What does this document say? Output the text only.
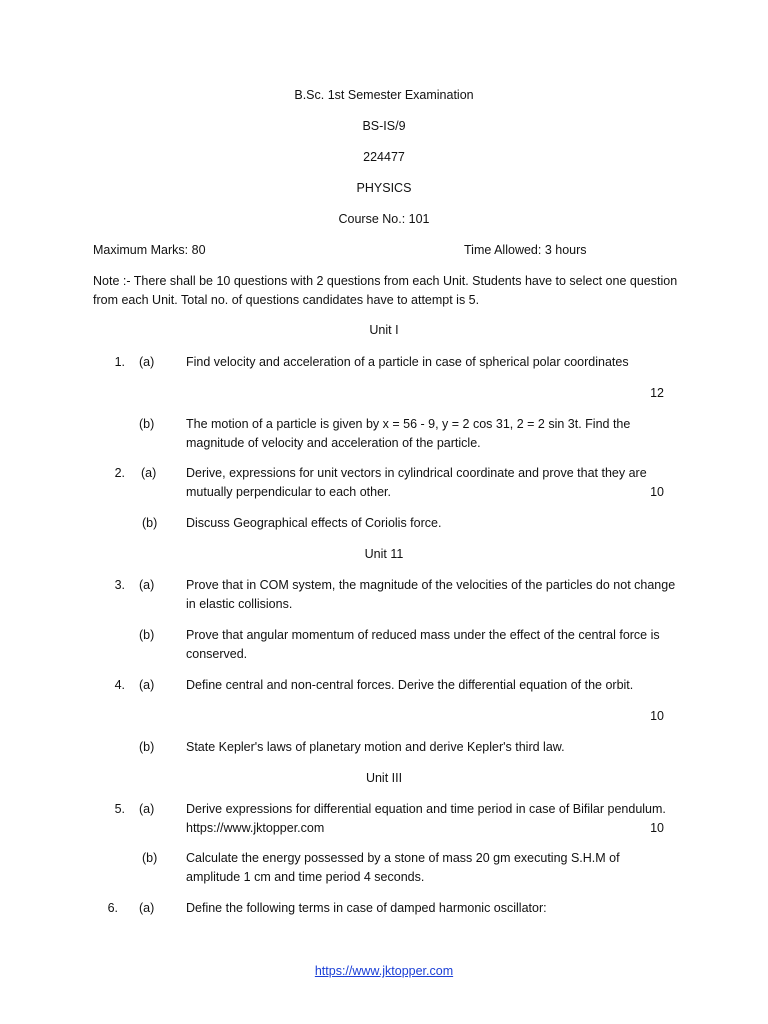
B.Sc. 1st Semester Examination
BS-IS/9
224477
PHYSICS
Course No.: 101
Maximum Marks: 80	Time Allowed: 3 hours
Note :- There shall be 10 questions with 2 questions from each Unit. Students have to select one question from each Unit. Total no. of questions candidates have to attempt is 5.
Unit I
1. (a)	Find velocity and acceleration of a particle in case of spherical polar coordinates
12
(b)	The motion of a particle is given by x = 56 - 9, y = 2 cos 31, 2 = 2 sin 3t. Find the magnitude of velocity and acceleration of the particle.
2. (a) Derive, expressions for unit vectors in cylindrical coordinate and prove that they are mutually perpendicular to each other.	10
(b) Discuss Geographical effects of Coriolis force.
Unit 11
3. (a)	Prove that in COM system, the magnitude of the velocities of the particles do not change in elastic collisions.
(b)	Prove that angular momentum of reduced mass under the effect of the central force is conserved.
4. (a)	Define central and non-central forces. Derive the differential equation of the orbit.
10
(b)	State Kepler's laws of planetary motion and derive Kepler's third law.
Unit III
5. (a)	Derive expressions for differential equation and time period in case of Bifilar pendulum. https://www.jktopper.com	10
(b) Calculate the energy possessed by a stone of mass 20 gm executing S.H.M of amplitude 1 cm and time period 4 seconds.
6. (a)	Define the following terms in case of damped harmonic oscillator:
https://www.jktopper.com
